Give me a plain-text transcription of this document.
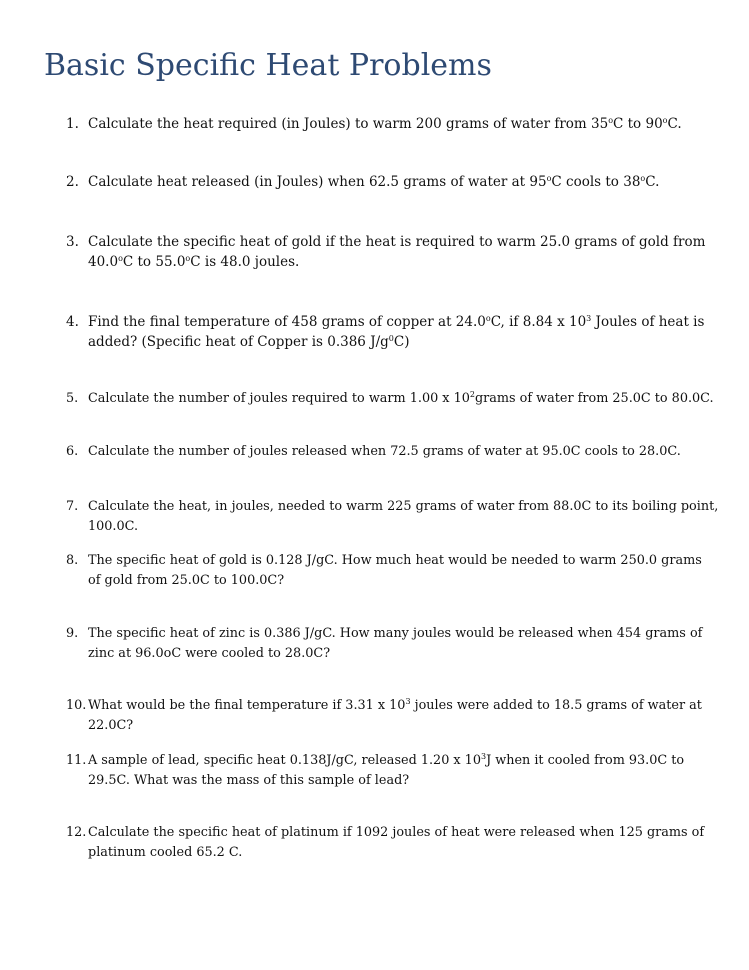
Basic Specific Heat Problems
1. Calculate the heat required (in Joules) to warm 200 grams of water from 35$^o$C to 90$^o$C.
2. Calculate heat released (in Joules) when 62.5 grams of water at 95$^o$C cools to 38$^o$C.
3. Calculate the specific heat of gold if the heat is required to warm 25.0 grams of gold from 40.0$^o$C to 55.0$^o$C is 48.0 joules.
4. Find the final temperature of 458 grams of copper at 24.0$^o$C, if 8.84 x $10^3$ Joules of heat is added? (Specific heat of Copper is 0.386 $J/g^0C$)
5. Calculate the number of joules required to warm 1.00 x $10^2grams$ of water from 25.0C to 80.0C.
6. Calculate the number of joules released when 72.5 grams of water at 95.0C cools to 28.0C.
7. Calculate the heat, in joules, needed to warm 225 grams of water from 88.0C to its boiling point, 100.0C.
8. The specific heat of gold is 0.128 J/gC. How much heat would be needed to warm 250.0 grams of gold from 25.0C to 100.0C?
9. The specific heat of zinc is 0.386 J/gC. How many joules would be released when 454 grams of zinc at 96.0oC were cooled to 28.0C?
10. What would be the final temperature if 3.31 x $10^3$ joules were added to 18.5 grams of water at 22.0C?
11. A sample of lead, specific heat 0.138J/gC, released 1.20 x $10^3J$ when it cooled from 93.0C to 29.5C. What was the mass of this sample of lead?
12. Calculate the specific heat of platinum if 1092 joules of heat were released when 125 grams of platinum cooled 65.2 C.
